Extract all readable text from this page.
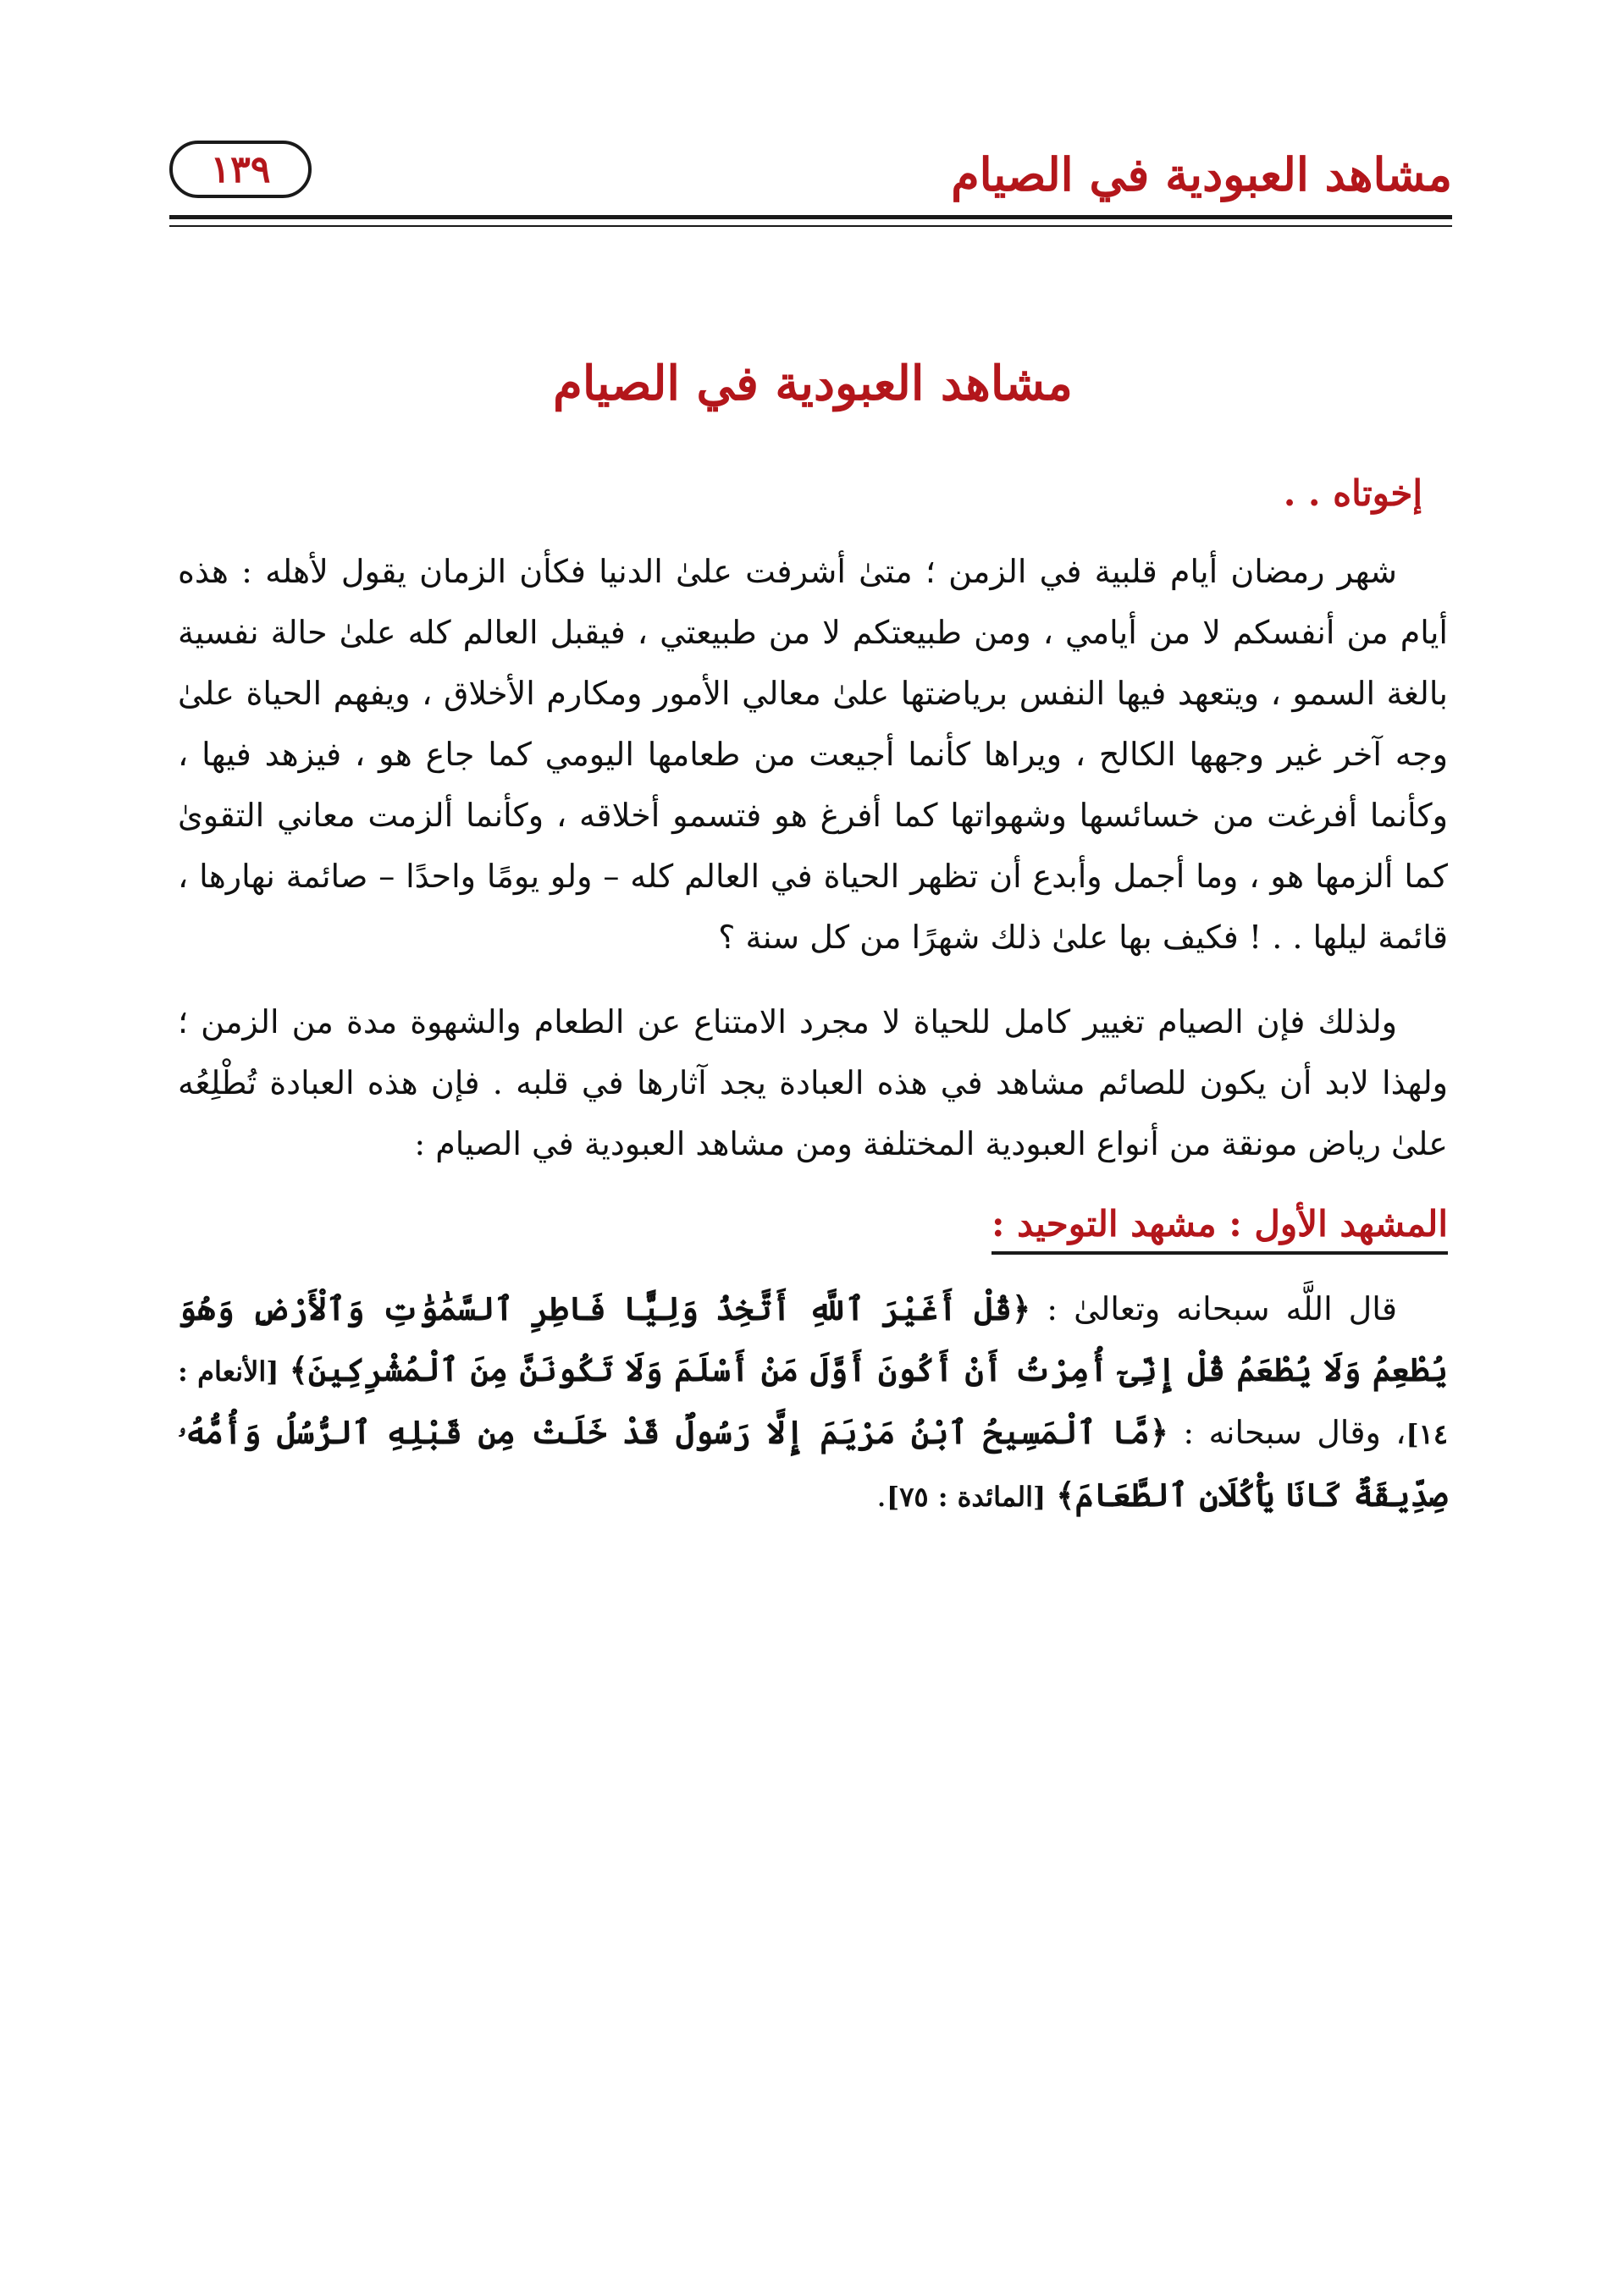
مشاهد العبودية في الصيام
١٣٩
مشاهد العبودية في الصيام
إخوتاه . .

شهر رمضان أيام قلبية في الزمن ؛ متىٰ أشرفت علىٰ الدنيا فكأن الزمان يقول لأهله : هذه أيام من أنفسكم لا من أيامي ، ومن طبيعتكم لا من طبيعتي ، فيقبل العالم كله علىٰ حالة نفسية بالغة السمو ، ويتعهد فيها النفس برياضتها علىٰ معالي الأمور ومكارم الأخلاق ، ويفهم الحياة علىٰ وجه آخر غير وجهها الكالح ، ويراها كأنما أجيعت من طعامها اليومي كما جاع هو ، فيزهد فيها ، وكأنما أفرغت من خسائسها وشهواتها كما أفرغ هو فتسمو أخلاقه ، وكأنما ألزمت معاني التقوىٰ كما ألزمها هو ، وما أجمل وأبدع أن تظهر الحياة في العالم كله – ولو يومًا واحدًا – صائمة نهارها ، قائمة ليلها . . ! فكيف بها علىٰ ذلك شهرًا من كل سنة ؟

ولذلك فإن الصيام تغيير كامل للحياة لا مجرد الامتناع عن الطعام والشهوة مدة من الزمن ؛ ولهذا لابد أن يكون للصائم مشاهد في هذه العبادة يجد آثارها في قلبه . فإن هذه العبادة تُطْلِعُه علىٰ رياض مونقة من أنواع العبودية المختلفة ومن مشاهد العبودية في الصيام :

المشهد الأول : مشهد التوحيد :

قال اللَّه سبحانه وتعالىٰ : ﴿قُلْ أَغَيْرَ ٱللَّهِ أَتَّخِذُ وَلِيًّا فَاطِرِ ٱلسَّمَٰوَٰتِ وَٱلْأَرْضِ وَهُوَ يُطْعِمُ وَلَا يُطْعَمُ قُلْ إِنِّىٓ أُمِرْتُ أَنْ أَكُونَ أَوَّلَ مَنْ أَسْلَمَ وَلَا تَكُونَنَّ مِنَ ٱلْمُشْرِكِينَ﴾ [الأنعام : ١٤]، وقال سبحانه : ﴿مَّا ٱلْمَسِيحُ ٱبْنُ مَرْيَمَ إِلَّا رَسُولٌ قَدْ خَلَتْ مِن قَبْلِهِ ٱلرُّسُلُ وَأُمُّهُۥ صِدِّيقَةٌ كَانَا يَأْكُلَانِ ٱلطَّعَامَ﴾ [المائدة : ٧٥].
